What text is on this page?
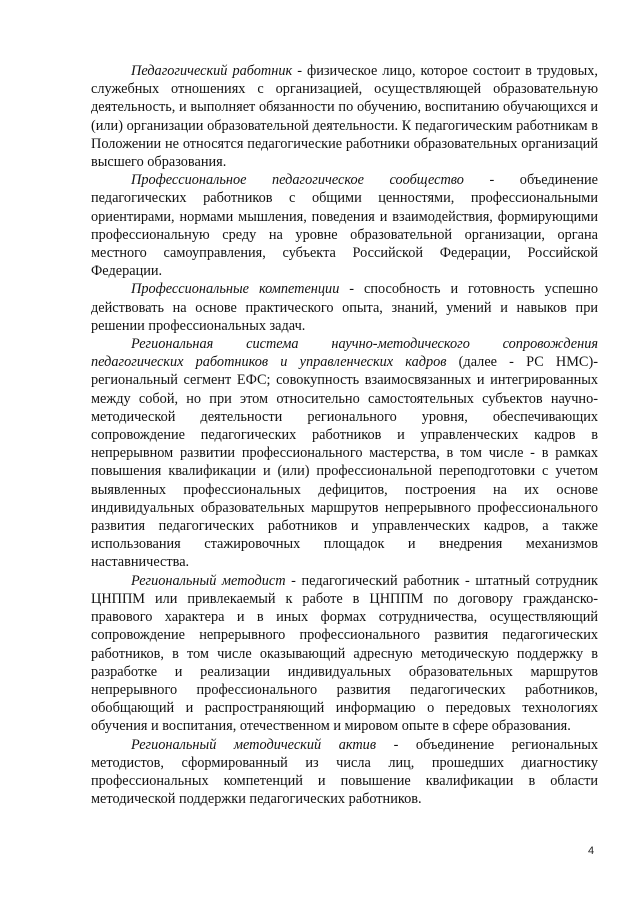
Педагогический работник - физическое лицо, которое состоит в трудовых, служебных отношениях с организацией, осуществляющей образовательную деятельность, и выполняет обязанности по обучению, воспитанию обучающихся и (или) организации образовательной деятельности. К педагогическим работникам в Положении не относятся педагогические работники образовательных организаций высшего образования.

Профессиональное педагогическое сообщество - объединение педагогических работников с общими ценностями, профессиональными ориентирами, нормами мышления, поведения и взаимодействия, формирующими профессиональную среду на уровне образовательной организации, органа местного самоуправления, субъекта Российской Федерации, Российской Федерации.

Профессиональные компетенции - способность и готовность успешно действовать на основе практического опыта, знаний, умений и навыков при решении профессиональных задач.

Региональная система научно-методического сопровождения педагогических работников и управленческих кадров (далее - РС НМС)- региональный сегмент ЕФС; совокупность взаимосвязанных и интегрированных между собой, но при этом относительно самостоятельных субъектов научно-методической деятельности регионального уровня, обеспечивающих сопровождение педагогических работников и управленческих кадров в непрерывном развитии профессионального мастерства, в том числе - в рамках повышения квалификации и (или) профессиональной переподготовки с учетом выявленных профессиональных дефицитов, построения на их основе индивидуальных образовательных маршрутов непрерывного профессионального развития педагогических работников и управленческих кадров, а также использования стажировочных площадок и внедрения механизмов наставничества.

Региональный методист - педагогический работник - штатный сотрудник ЦНППМ или привлекаемый к работе в ЦНППМ по договору гражданско-правового характера и в иных формах сотрудничества, осуществляющий сопровождение непрерывного профессионального развития педагогических работников, в том числе оказывающий адресную методическую поддержку в разработке и реализации индивидуальных образовательных маршрутов непрерывного профессионального развития педагогических работников, обобщающий и распространяющий информацию о передовых технологиях обучения и воспитания, отечественном и мировом опыте в сфере образования.

Региональный методический актив - объединение региональных методистов, сформированный из числа лиц, прошедших диагностику профессиональных компетенций и повышение квалификации в области методической поддержки педагогических работников.

4
